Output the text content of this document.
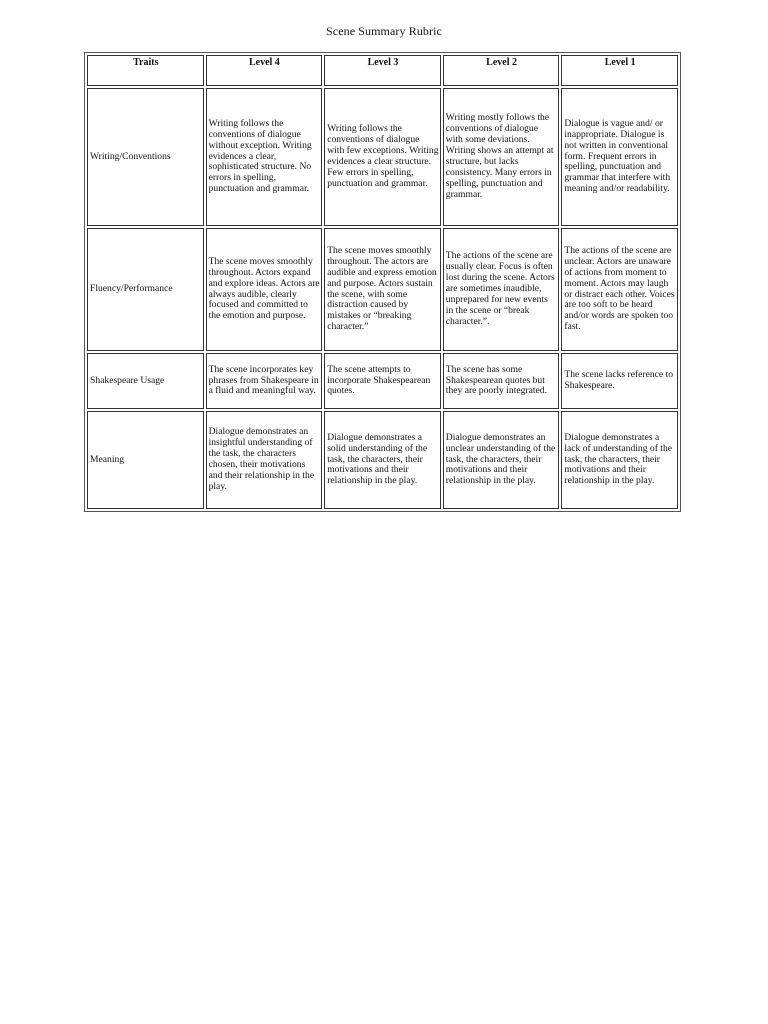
Scene Summary Rubric
Traits	Level 4	Level 3	Level 2	Level 1
Writing/Conventions	Writing follows the conventions of dialogue without exception. Writing evidences a clear, sophisticated structure. No errors in spelling, punctuation and grammar.	Writing follows the conventions of dialogue with few exceptions. Writing evidences a clear structure. Few errors in spelling, punctuation and grammar.	Writing mostly follows the conventions of dialogue with some deviations. Writing shows an attempt at structure, but lacks consistency. Many errors in spelling, punctuation and grammar.	Dialogue is vague and/ or inappropriate. Dialogue is not written in conventional form. Frequent errors in spelling, punctuation and grammar that interfere with meaning and/or readability.
Fluency/Performance	The scene moves smoothly throughout. Actors expand and explore ideas. Actors are always audible, clearly focused and committed to the emotion and purpose.	The scene moves smoothly throughout. The actors are audible and express emotion and purpose. Actors sustain the scene, with some distraction caused by mistakes or “breaking character.”	The actions of the scene are usually clear. Focus is often lost during the scene. Actors are sometimes inaudible, unprepared for new events in the scene or “break character.”.	The actions of the scene are unclear. Actors are unaware of actions from moment to moment. Actors may laugh or distract each other. Voices are too soft to be heard and/or words are spoken too fast.
Shakespeare Usage	The scene incorporates key phrases from Shakespeare in a fluid and meaningful way.	The scene attempts to incorporate Shakespearean quotes.	The scene has some Shakespearean quotes but they are poorly integrated.	The scene lacks reference to Shakespeare.
Meaning	Dialogue demonstrates an insightful understanding of the task, the characters chosen, their motivations and their relationship in the play.	Dialogue demonstrates a solid understanding of the task, the characters, their motivations and their relationship in the play.	Dialogue demonstrates an unclear understanding of the task, the characters, their motivations and their relationship in the play.	Dialogue demonstrates a lack of understanding of the task, the characters, their motivations and their relationship in the play.
